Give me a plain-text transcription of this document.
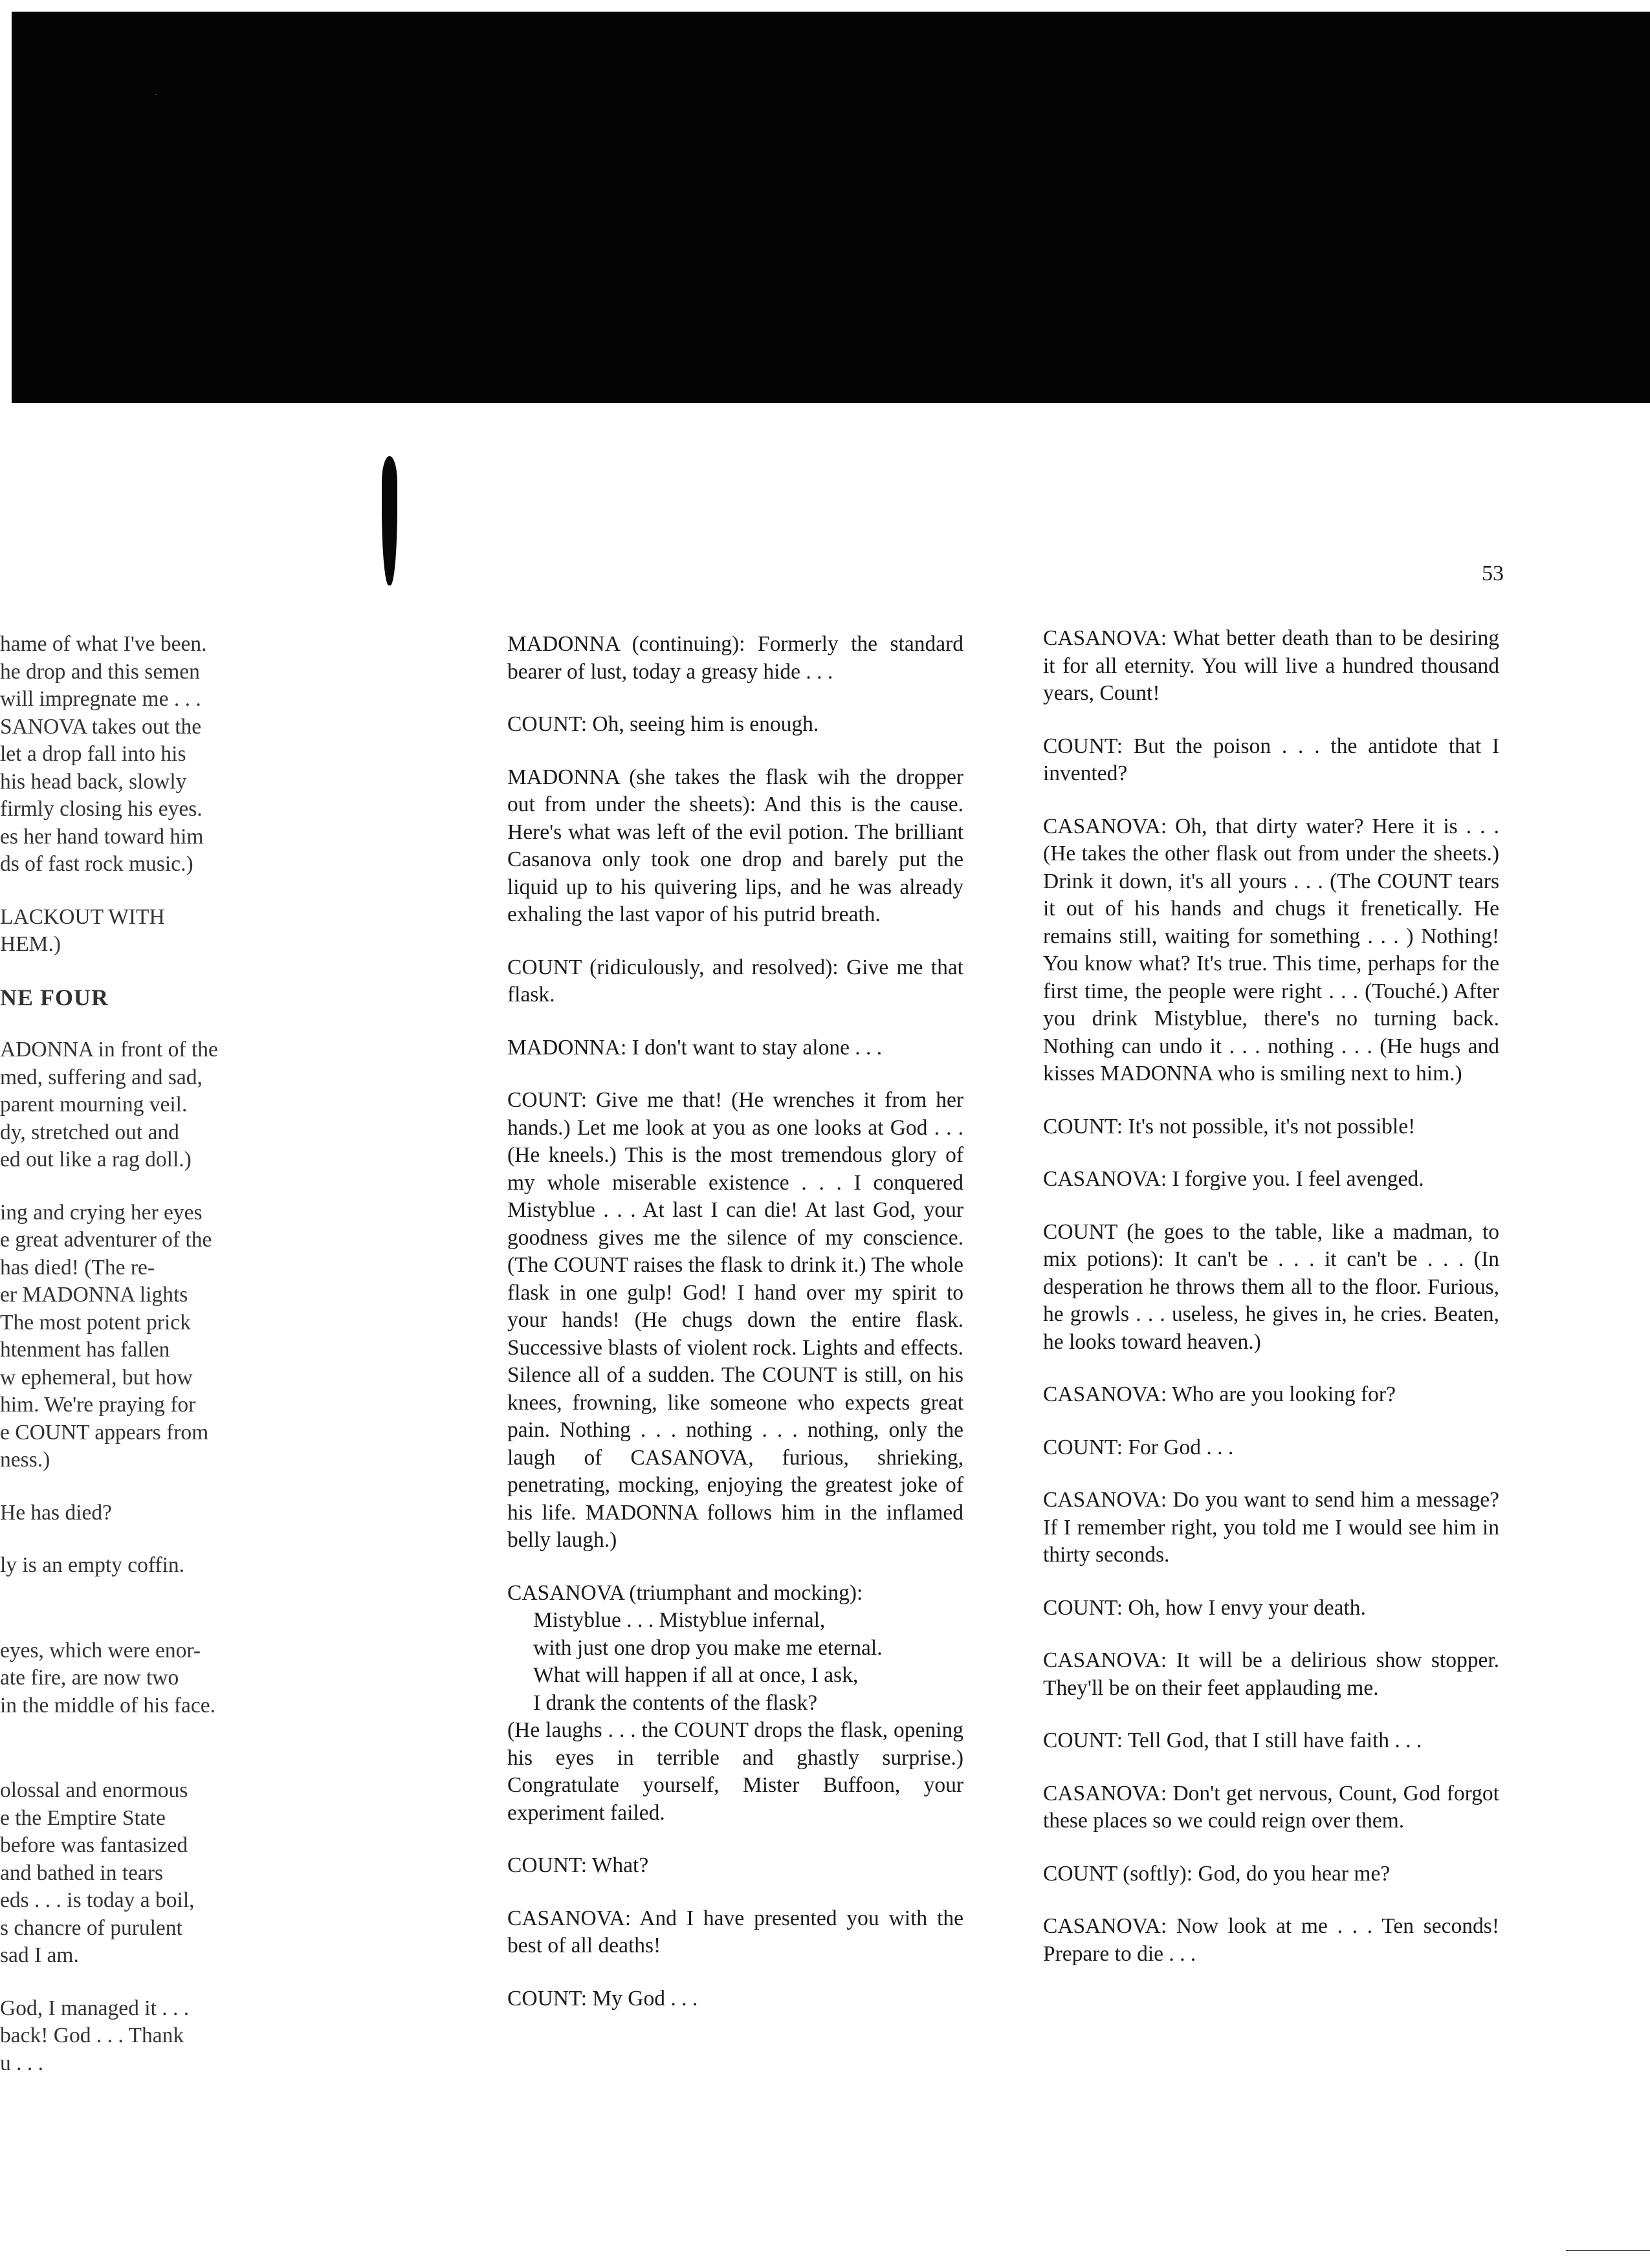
53

hame of what I've been.

he drop and this semen

will impregnate me . . .

SANOVA takes out the

let a drop fall into his

his head back, slowly

firmly closing his eyes.

es her hand toward him

ds of fast rock music.)

LACKOUT WITH

HEM.)

NE FOUR

ADONNA in front of the

med, suffering and sad,

parent mourning veil.

dy, stretched out and

ed out like a rag doll.)

ing and crying her eyes

e great adventurer of the

has died! (The re-

er MADONNA lights

The most potent prick

htenment has fallen

w ephemeral, but how

him. We're praying for

e COUNT appears from

ness.)

He has died?

ly is an empty coffin.

eyes, which were enor-

ate fire, are now two

in the middle of his face.

olossal and enormous

e the Emptire State

before was fantasized

and bathed in tears

eds . . . is today a boil,

s chancre of purulent

sad I am.

God, I managed it . . .

back! God . . . Thank

u . . .

MADONNA (continuing): Formerly the standard bearer of lust, today a greasy hide . . .

COUNT: Oh, seeing him is enough.

MADONNA (she takes the flask wih the dropper out from under the sheets): And this is the cause. Here's what was left of the evil potion. The brilliant Casanova only took one drop and barely put the liquid up to his quivering lips, and he was already exhaling the last vapor of his putrid breath.

COUNT (ridiculously, and resolved): Give me that flask.

MADONNA: I don't want to stay alone . . .

COUNT: Give me that! (He wrenches it from her hands.) Let me look at you as one looks at God . . . (He kneels.) This is the most tremendous glory of my whole miserable existence . . . I conquered Mistyblue . . . At last I can die! At last God, your goodness gives me the silence of my conscience. (The COUNT raises the flask to drink it.) The whole flask in one gulp! God! I hand over my spirit to your hands! (He chugs down the entire flask. Successive blasts of violent rock. Lights and effects. Silence all of a sudden. The COUNT is still, on his knees, frowning, like someone who expects great pain. Nothing . . . nothing . . . nothing, only the laugh of CASANOVA, furious, shrieking, penetrating, mocking, enjoying the greatest joke of his life. MADONNA follows him in the inflamed belly laugh.)

CASANOVA (triumphant and mocking):

Mistyblue . . . Mistyblue infernal,

with just one drop you make me eternal.

What will happen if all at once, I ask,

I drank the contents of the flask?

(He laughs . . . the COUNT drops the flask, opening his eyes in terrible and ghastly surprise.) Congratulate yourself, Mister Buffoon, your experiment failed.

COUNT: What?

CASANOVA: And I have presented you with the best of all deaths!

COUNT: My God . . .

CASANOVA: What better death than to be desiring it for all eternity. You will live a hundred thousand years, Count!

COUNT: But the poison . . . the antidote that I invented?

CASANOVA: Oh, that dirty water? Here it is . . . (He takes the other flask out from under the sheets.) Drink it down, it's all yours . . . (The COUNT tears it out of his hands and chugs it frenetically. He remains still, waiting for something . . . ) Nothing! You know what? It's true. This time, perhaps for the first time, the people were right . . . (Touché.) After you drink Mistyblue, there's no turning back. Nothing can undo it . . . nothing . . . (He hugs and kisses MADONNA who is smiling next to him.)

COUNT: It's not possible, it's not possible!

CASANOVA: I forgive you. I feel avenged.

COUNT (he goes to the table, like a madman, to mix potions): It can't be . . . it can't be . . . (In desperation he throws them all to the floor. Furious, he growls . . . useless, he gives in, he cries. Beaten, he looks toward heaven.)

CASANOVA: Who are you looking for?

COUNT: For God . . .

CASANOVA: Do you want to send him a message? If I remember right, you told me I would see him in thirty seconds.

COUNT: Oh, how I envy your death.

CASANOVA: It will be a delirious show stopper. They'll be on their feet applauding me.

COUNT: Tell God, that I still have faith . . .

CASANOVA: Don't get nervous, Count, God forgot these places so we could reign over them.

COUNT (softly): God, do you hear me?

CASANOVA: Now look at me . . . Ten seconds! Prepare to die . . .
